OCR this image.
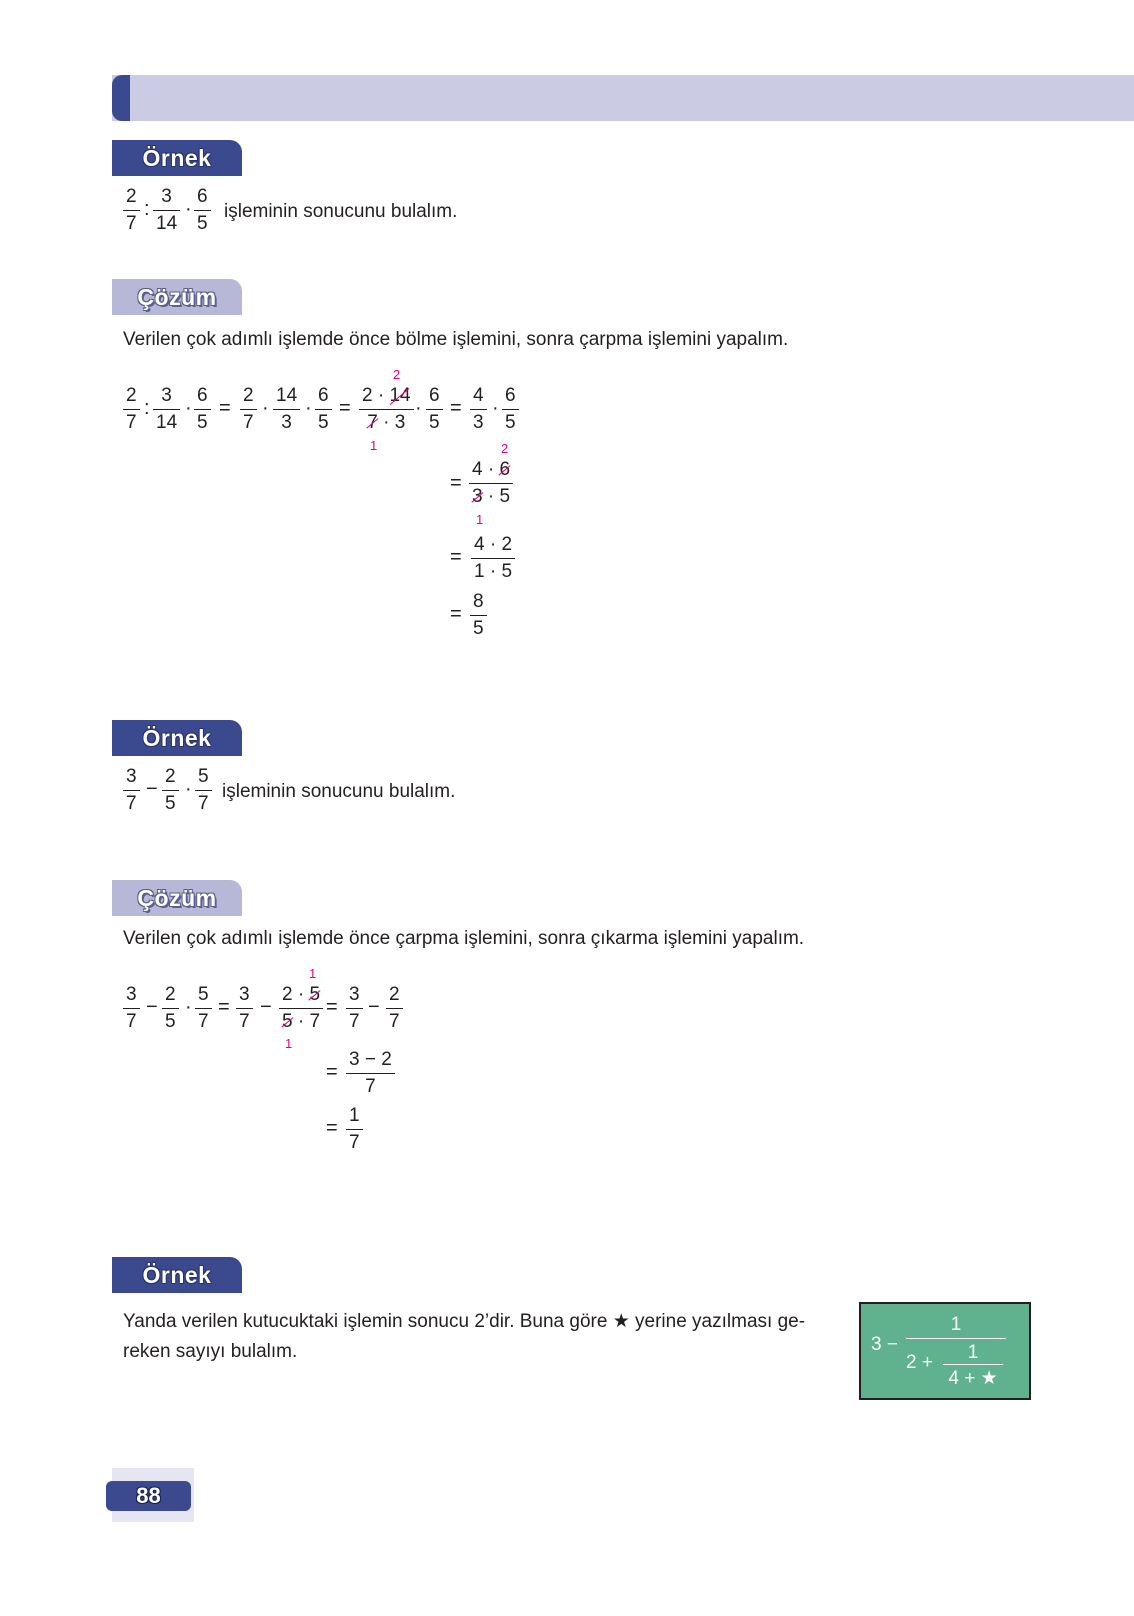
Örnek
2
7
:
3
14
·
6
5
işleminin sonucunu bulalım.
Çözüm
Verilen çok adımlı işlemde önce bölme işlemini, sonra çarpma işlemini yapalım.
2
7
:
3
14
·
6
5
=
2
7
·
14
3
·
6
5
=
2
2 · 14
7 · 3
1
·
6
5
=
4
3
·
6
5
=
2
4 · 6
3 · 5
1
=
4 · 2
1 · 5
=
8
5
Örnek
3
7
−
2
5
·
5
7
işleminin sonucunu bulalım.
Çözüm
Verilen çok adımlı işlemde önce çarpma işlemini, sonra çıkarma işlemini yapalım.
3
7
−
2
5
·
5
7
=
3
7
−
1
2 · 5
5 · 7
1
=
3
7
−
2
7
=
3 − 2
7
=
1
7
Örnek
Yanda verilen kutucuktaki işlemin sonucu 2’dir. Buna göre ★ yerine yazılması ge-
reken sayıyı bulalım.	3 −
1
2 +	1
4 + ★
88
